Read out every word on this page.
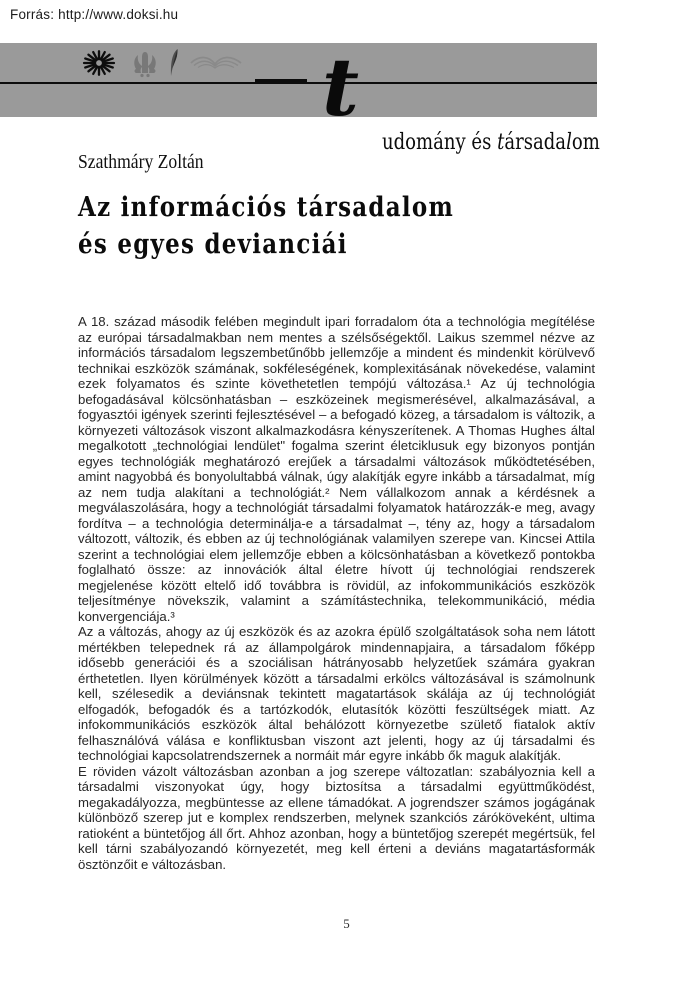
Forrás: http://www.doksi.hu
t
udomány és társadalom
Szathmáry Zoltán
Az információs társadalom
és egyes devianciái

A 18. század második felében megindult ipari forradalom óta a technológia megítélése az európai társadalmakban nem mentes a szélsőségektől. Laikus szemmel nézve az információs társadalom legszembetűnőbb jellemzője a mindent és mindenkit körülvevő technikai eszközök számának, sokféleségének, komplexitásának növekedése, valamint ezek folyamatos és szinte követhetetlen tempójú változása.¹ Az új technológia befogadásával kölcsönhatásban – eszközeinek megismerésével, alkalmazásával, a fogyasztói igények szerinti fejlesztésével – a befogadó közeg, a társadalom is változik, a környezeti változások viszont alkalmazkodásra kényszerítenek. A Thomas Hughes által megalkotott „technológiai lendület" fogalma szerint életciklusuk egy bizonyos pontján egyes technológiák meghatározó erejűek a társadalmi változások működtetésében, amint nagyobbá és bonyolultabbá válnak, úgy alakítják egyre inkább a társadalmat, míg az nem tudja alakítani a technológiát.² Nem vállalkozom annak a kérdésnek a megválaszolására, hogy a technológiát társadalmi folyamatok határozzák-e meg, avagy fordítva – a technológia determinálja-e a társadalmat –, tény az, hogy a társadalom változott, változik, és ebben az új technológiának valamilyen szerepe van. Kincsei Attila szerint a technológiai elem jellemzője ebben a kölcsönhatásban a következő pontokba foglalható össze: az innovációk által életre hívott új technológiai rendszerek megjelenése között eltelő idő továbbra is rövidül, az infokommunikációs eszközök teljesítménye növekszik, valamint a számítástechnika, telekommunikáció, média konvergenciája.³

Az a változás, ahogy az új eszközök és az azokra épülő szolgáltatások soha nem látott mértékben telepednek rá az állampolgárok mindennapjaira, a társadalom főképp idősebb generációi és a szociálisan hátrányosabb helyzetűek számára gyakran érthetetlen. Ilyen körülmények között a társadalmi erkölcs változásával is számolnunk kell, szélesedik a deviánsnak tekintett magatartások skálája az új technológiát elfogadók, befogadók és a tartózkodók, elutasítók közötti feszültségek miatt. Az infokommunikációs eszközök által behálózott környezetbe születő fiatalok aktív felhasználóvá válása e konfliktusban viszont azt jelenti, hogy az új társadalmi és technológiai kapcsolatrendszernek a normáit már egyre inkább ők maguk alakítják.

E röviden vázolt változásban azonban a jog szerepe változatlan: szabályoznia kell a társadalmi viszonyokat úgy, hogy biztosítsa a társadalmi együttműködést, megakadályozza, megbüntesse az ellene támadókat. A jogrendszer számos jogágának különböző szerep jut e komplex rendszerben, melynek szankciós záróköveként, ultima ratioként a büntetőjog áll őrt. Ahhoz azonban, hogy a büntetőjog szerepét megértsük, fel kell tárni szabályozandó környezetét, meg kell érteni a deviáns magatartásformák ösztönzőit e változásban.

5
